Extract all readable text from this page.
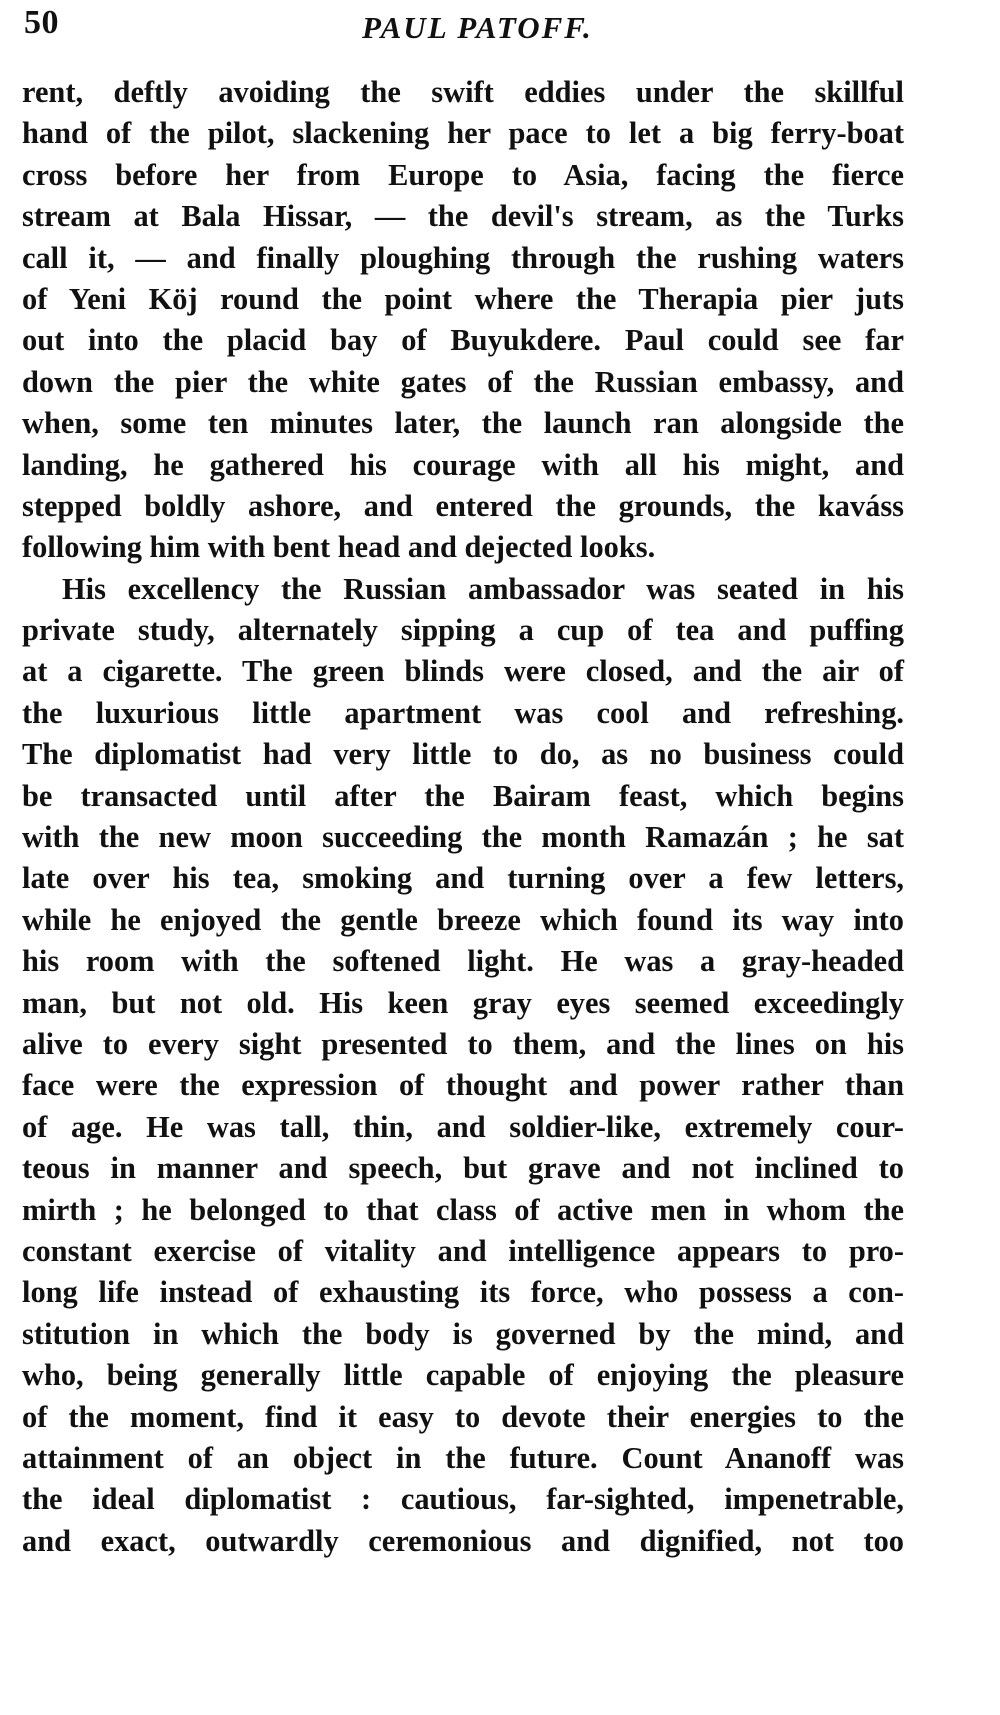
50	PAUL PATOFF.
rent, deftly avoiding the swift eddies under the skillful
hand of the pilot, slackening her pace to let a big ferry-boat
cross before her from Europe to Asia, facing the fierce
stream at Bala Hissar, — the devil's stream, as the Turks
call it, — and finally ploughing through the rushing waters
of Yeni Köj round the point where the Therapia pier juts
out into the placid bay of Buyukdere. Paul could see far
down the pier the white gates of the Russian embassy, and
when, some ten minutes later, the launch ran alongside the
landing, he gathered his courage with all his might, and
stepped boldly ashore, and entered the grounds, the kaváss
following him with bent head and dejected looks.
His excellency the Russian ambassador was seated in his
private study, alternately sipping a cup of tea and puffing
at a cigarette. The green blinds were closed, and the air of
the luxurious little apartment was cool and refreshing.
The diplomatist had very little to do, as no business could
be transacted until after the Bairam feast, which begins
with the new moon succeeding the month Ramazán ; he sat
late over his tea, smoking and turning over a few letters,
while he enjoyed the gentle breeze which found its way into
his room with the softened light. He was a gray-headed
man, but not old. His keen gray eyes seemed exceedingly
alive to every sight presented to them, and the lines on his
face were the expression of thought and power rather than
of age. He was tall, thin, and soldier-like, extremely cour-
teous in manner and speech, but grave and not inclined to
mirth ; he belonged to that class of active men in whom the
constant exercise of vitality and intelligence appears to pro-
long life instead of exhausting its force, who possess a con-
stitution in which the body is governed by the mind, and
who, being generally little capable of enjoying the pleasure
of the moment, find it easy to devote their energies to the
attainment of an object in the future. Count Ananoff was
the ideal diplomatist : cautious, far-sighted, impenetrable,
and exact, outwardly ceremonious and dignified, not too
